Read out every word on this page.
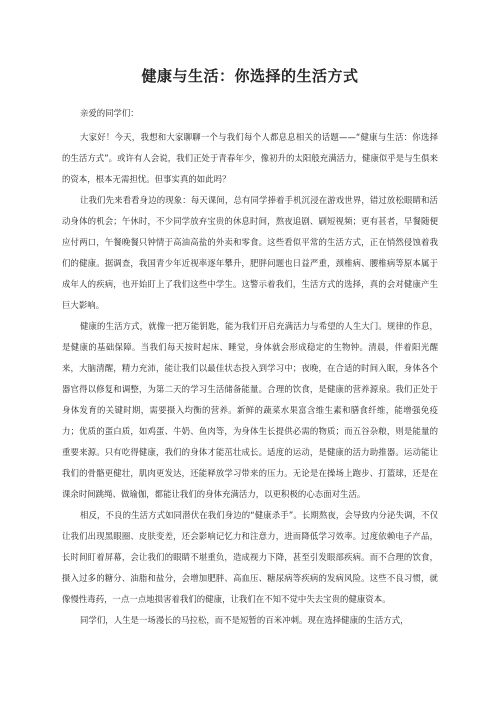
健康与生活：你选择的生活方式

亲爱的同学们：

大家好！今天，我想和大家聊聊一个与我们每个人都息息相关的话题——“健康与生活：你选择的生活方式”。或许有人会说，我们正处于青春年少，像初升的太阳般充满活力，健康似乎是与生俱来的资本，根本无需担忧。但事实真的如此吗？

让我们先来看看身边的现象：每天课间，总有同学捧着手机沉浸在游戏世界，错过放松眼睛和活动身体的机会；午休时，不少同学放弃宝贵的休息时间，熬夜追剧、刷短视频；更有甚者，早餐随便应付两口，午餐晚餐只钟情于高油高盐的外卖和零食。这些看似平常的生活方式，正在悄然侵蚀着我们的健康。据调查，我国青少年近视率逐年攀升，肥胖问题也日益严重，颈椎病、腰椎病等原本属于成年人的疾病，也开始盯上了我们这些中学生。这警示着我们，生活方式的选择，真的会对健康产生巨大影响。

健康的生活方式，就像一把万能钥匙，能为我们开启充满活力与希望的人生大门。规律的作息，是健康的基础保障。当我们每天按时起床、睡觉，身体就会形成稳定的生物钟。清晨，伴着阳光醒来，大脑清醒，精力充沛，能让我们以最佳状态投入到学习中；夜晚，在合适的时间入眠，身体各个器官得以修复和调整，为第二天的学习生活储备能量。合理的饮食，是健康的营养源泉。我们正处于身体发育的关键时期，需要摄入均衡的营养。新鲜的蔬菜水果富含维生素和膳食纤维，能增强免疫力；优质的蛋白质，如鸡蛋、牛奶、鱼肉等，为身体生长提供必需的物质；而五谷杂粮，则是能量的重要来源。只有吃得健康，我们的身体才能茁壮成长。适度的运动，是健康的活力助推器。运动能让我们的骨骼更健壮，肌肉更发达，还能释放学习带来的压力。无论是在操场上跑步、打篮球，还是在课余时间跳绳、做瑜伽，都能让我们的身体充满活力，以更积极的心态面对生活。

相反，不良的生活方式如同潜伏在我们身边的“健康杀手”。长期熬夜，会导致内分泌失调，不仅让我们出现黑眼圈、皮肤变差，还会影响记忆力和注意力，进而降低学习效率。过度依赖电子产品，长时间盯着屏幕，会让我们的眼睛不堪重负，造成视力下降，甚至引发眼部疾病。而不合理的饮食，摄入过多的糖分、油脂和盐分，会增加肥胖、高血压、糖尿病等疾病的发病风险。这些不良习惯，就像慢性毒药，一点一点地损害着我们的健康，让我们在不知不觉中失去宝贵的健康资本。

同学们，人生是一场漫长的马拉松，而不是短暂的百米冲刺。现在选择健康的生活方式，
